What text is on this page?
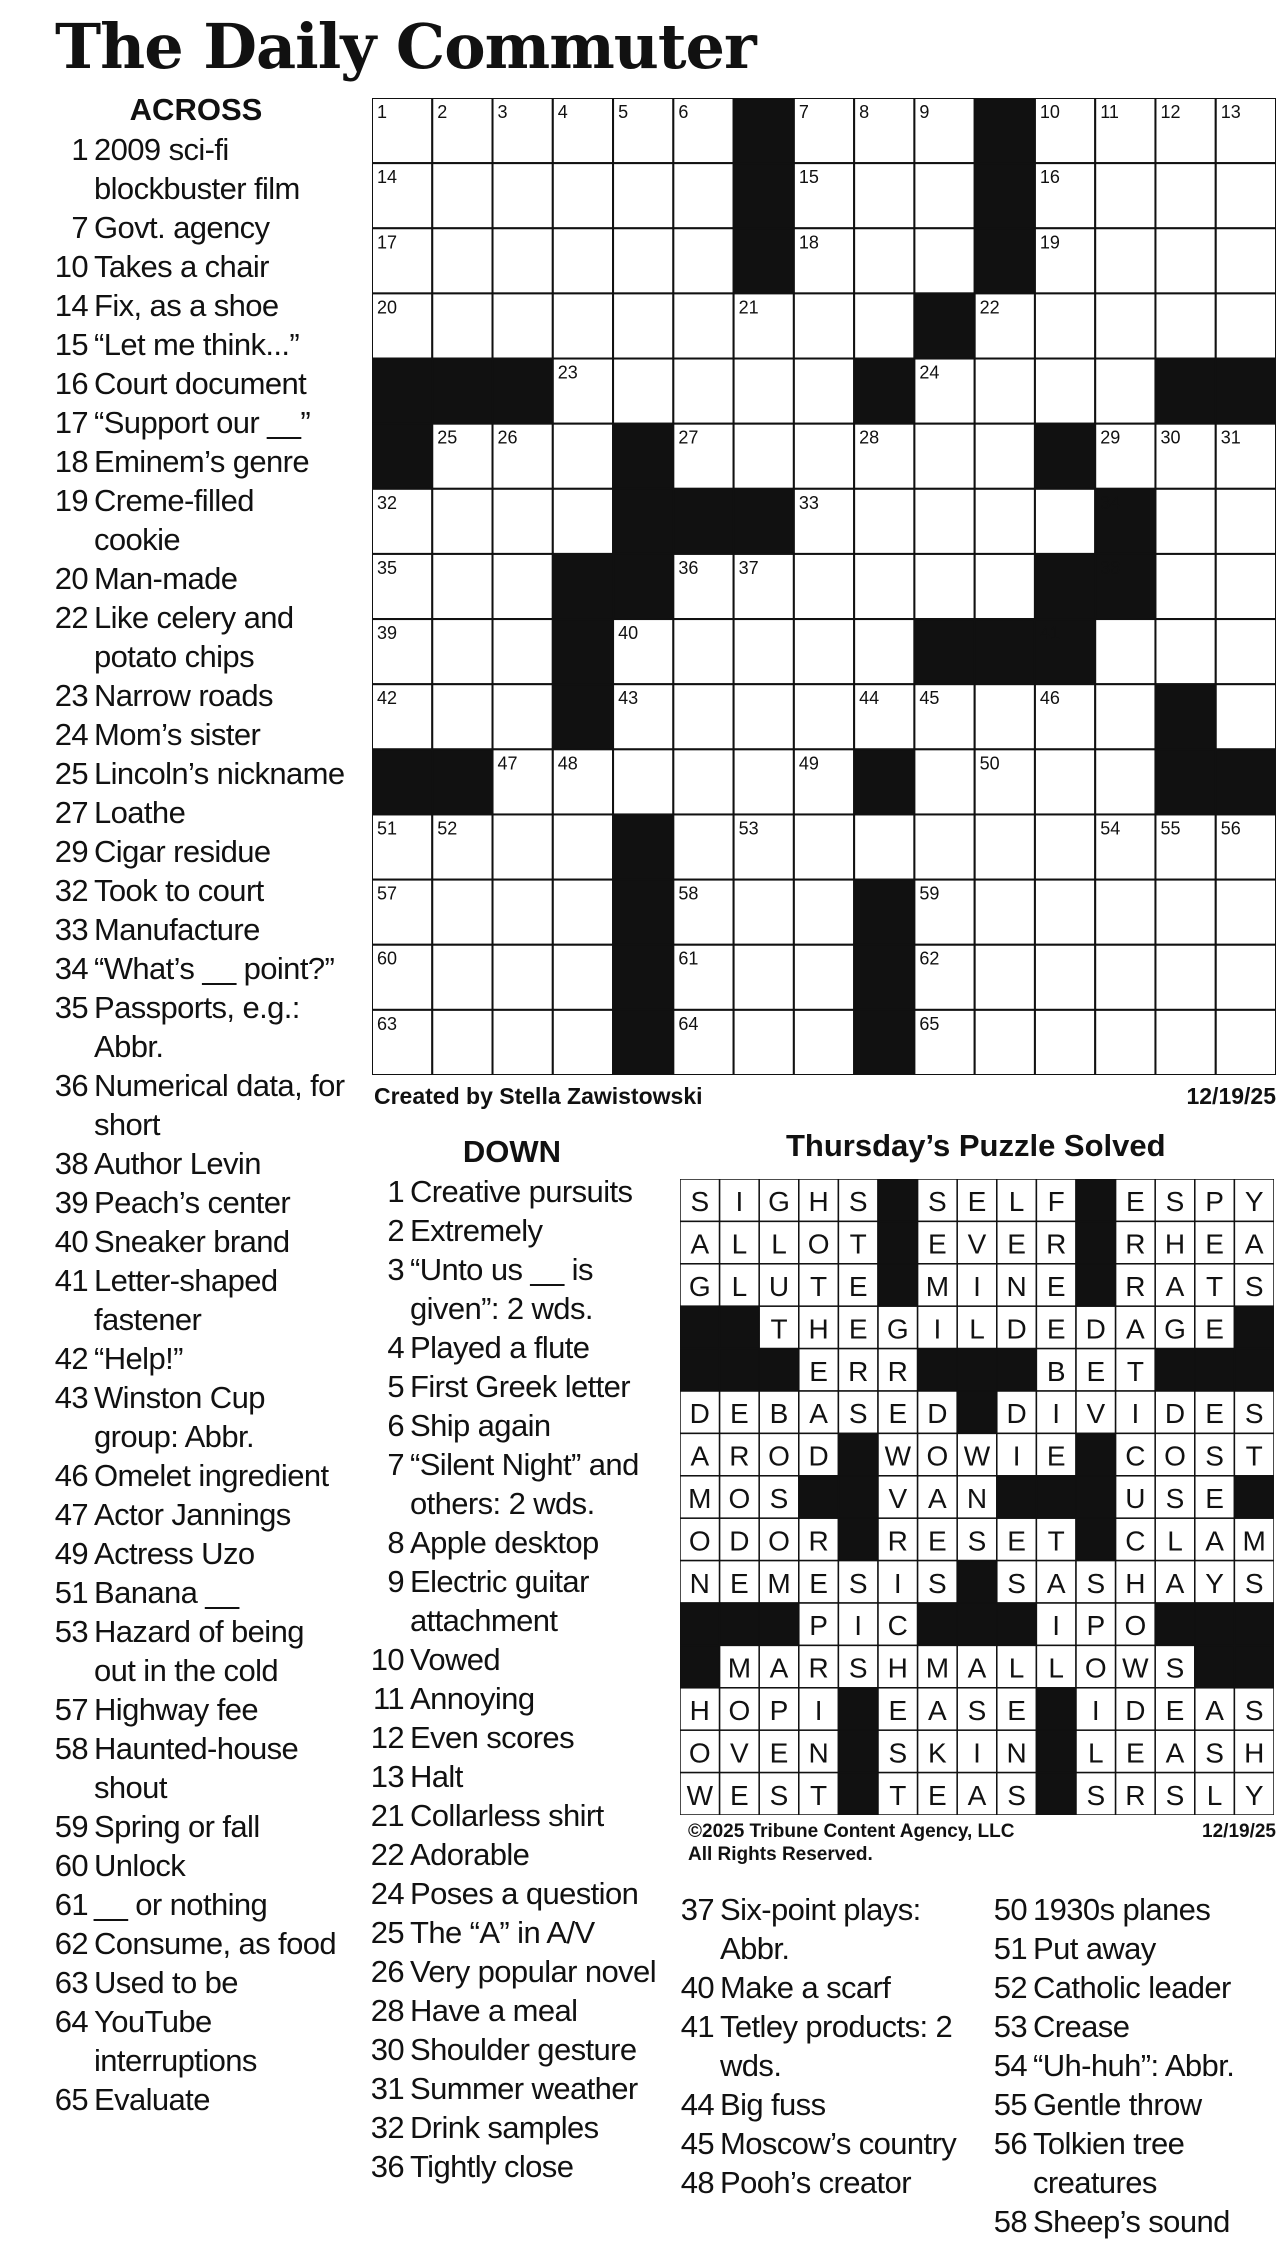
The Daily Commuter
ACROSS
1 2009 sci-fi blockbuster film
7 Govt. agency
10 Takes a chair
14 Fix, as a shoe
15 “Let me think...”
16 Court document
17 “Support our __”
18 Eminem’s genre
19 Creme-filled cookie
20 Man-made
22 Like celery and potato chips
23 Narrow roads
24 Mom’s sister
25 Lincoln’s nickname
27 Loathe
29 Cigar residue
32 Took to court
33 Manufacture
34 “What’s __ point?”
35 Passports, e.g.: Abbr.
36 Numerical data, for short
38 Author Levin
39 Peach’s center
40 Sneaker brand
41 Letter-shaped fastener
42 “Help!”
43 Winston Cup group: Abbr.
46 Omelet ingredient
47 Actor Jannings
49 Actress Uzo
51 Banana __
53 Hazard of being out in the cold
57 Highway fee
58 Haunted-house shout
59 Spring or fall
60 Unlock
61 __ or nothing
62 Consume, as food
63 Used to be
64 YouTube interruptions
65 Evaluate
1	2	3	4	5	6	7	8	9	10 11 12 13
14	15	16
17	18	19
20	21	22
23	24
25 26	27	28	29 30 31
32	33	34
35	36 37	38
39	40	41
42	43	44 45	46
47 48	49	50
51 52	53	54 55 56
57	58	59
60	61	62
63	64	65
Created by Stella Zawistowski	12/19/25
DOWN
1 Creative pursuits
2 Extremely
3 “Unto us __ is given”: 2 wds.
4 Played a flute
5 First Greek letter
6 Ship again
7 “Silent Night” and others: 2 wds.
8 Apple desktop
9 Electric guitar attachment
10 Vowed
11 Annoying
12 Even scores
13 Halt
21 Collarless shirt
22 Adorable
24 Poses a question
25 The “A” in A/V
26 Very popular novel
28 Have a meal
30 Shoulder gesture
31 Summer weather
32 Drink samples
36 Tightly close
Thursday’s Puzzle Solved
SIGHS SELF ESPY
ALLOT EVER RHEA
GLUTE MINE RATS
THEGILDEDAGE
ERR   BET
DEBASED DIVIDES
AROD WOWIE COST
MOS  VAN   USE
ODOR RESET CLAM
NEMESIS SASHAYS
PIC   IPO
MARSHMALLOWS
HOPI EASE IDEAS
OVEN SKIN LEASH
WEST TEAS SRSLY
©2025 Tribune Content Agency, LLC
All Rights Reserved.
12/19/25
37 Six-point plays: Abbr.
40 Make a scarf
41 Tetley products: 2 wds.
44 Big fuss
45 Moscow’s country
48 Pooh’s creator
50 1930s planes
51 Put away
52 Catholic leader
53 Crease
54 “Uh-huh”: Abbr.
55 Gentle throw
56 Tolkien tree creatures
58 Sheep’s sound
